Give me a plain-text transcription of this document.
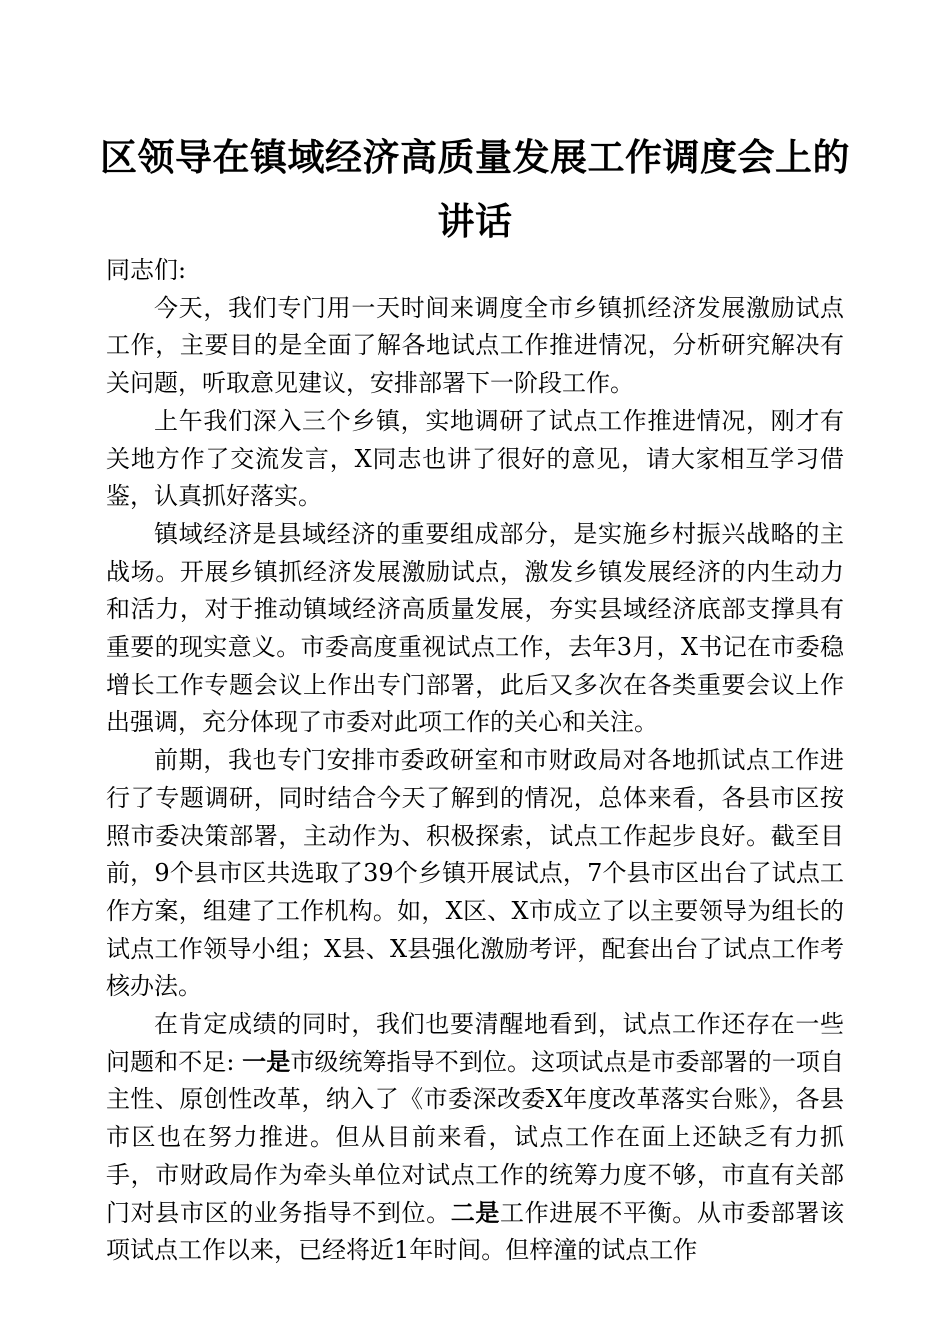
区领导在镇域经济高质量发展工作调度会上的讲话

同志们:

今天，我们专门用一天时间来调度全市乡镇抓经济发展激励试点工作，主要目的是全面了解各地试点工作推进情况，分析研究解决有关问题，听取意见建议，安排部署下一阶段工作。

上午我们深入三个乡镇，实地调研了试点工作推进情况，刚才有关地方作了交流发言，X同志也讲了很好的意见，请大家相互学习借鉴，认真抓好落实。

镇域经济是县域经济的重要组成部分，是实施乡村振兴战略的主战场。开展乡镇抓经济发展激励试点，激发乡镇发展经济的内生动力和活力，对于推动镇域经济高质量发展，夯实县域经济底部支撑具有重要的现实意义。市委高度重视试点工作，去年3月，X书记在市委稳增长工作专题会议上作出专门部署，此后又多次在各类重要会议上作出强调，充分体现了市委对此项工作的关心和关注。

前期，我也专门安排市委政研室和市财政局对各地抓试点工作进行了专题调研，同时结合今天了解到的情况，总体来看，各县市区按照市委决策部署，主动作为、积极探索，试点工作起步良好。截至目前，9个县市区共选取了39个乡镇开展试点，7个县市区出台了试点工作方案，组建了工作机构。如，X区、X市成立了以主要领导为组长的试点工作领导小组；X县、X县强化激励考评，配套出台了试点工作考核办法。

在肯定成绩的同时，我们也要清醒地看到，试点工作还存在一些问题和不足: 一是市级统筹指导不到位。这项试点是市委部署的一项自主性、原创性改革，纳入了《市委深改委X年度改革落实台账》，各县市区也在努力推进。但从目前来看，试点工作在面上还缺乏有力抓手，市财政局作为牵头单位对试点工作的统筹力度不够，市直有关部门对县市区的业务指导不到位。二是工作进展不平衡。从市委部署该项试点工作以来，已经将近1年时间。但梓潼的试点工作
